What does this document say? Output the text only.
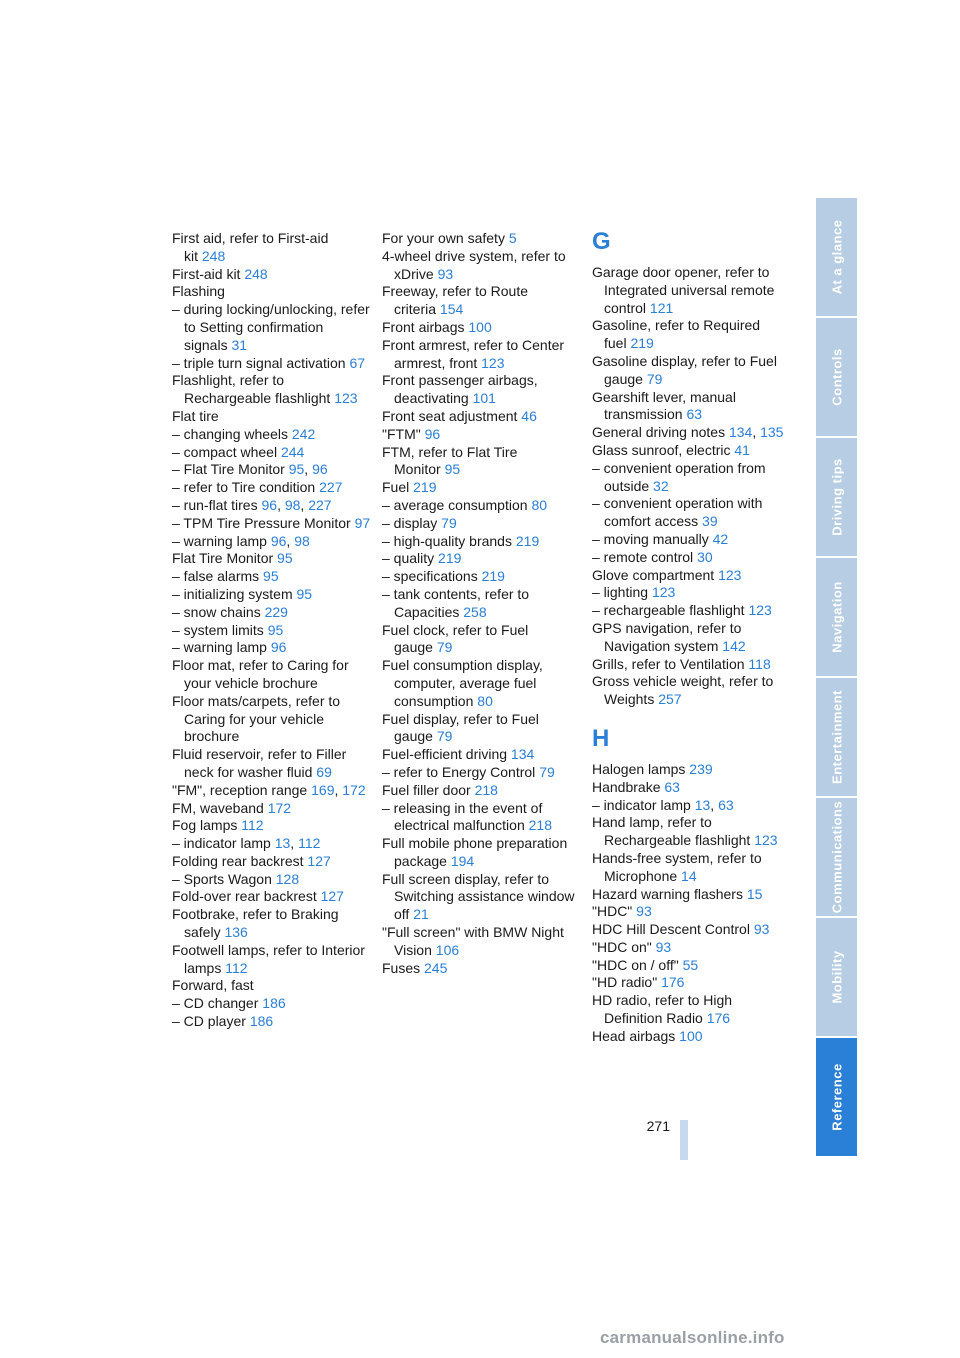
First aid, refer to First-aid kit 248
First-aid kit 248
Flashing
– during locking/unlocking, refer to Setting confirmation signals 31
– triple turn signal activation 67
Flashlight, refer to Rechargeable flashlight 123
Flat tire
– changing wheels 242
– compact wheel 244
– Flat Tire Monitor 95, 96
– refer to Tire condition 227
– run-flat tires 96, 98, 227
– TPM Tire Pressure Monitor 97
– warning lamp 96, 98
Flat Tire Monitor 95
– false alarms 95
– initializing system 95
– snow chains 229
– system limits 95
– warning lamp 96
Floor mat, refer to Caring for your vehicle brochure
Floor mats/carpets, refer to Caring for your vehicle brochure
Fluid reservoir, refer to Filler neck for washer fluid 69
"FM", reception range 169, 172
FM, waveband 172
Fog lamps 112
– indicator lamp 13, 112
Folding rear backrest 127
– Sports Wagon 128
Fold-over rear backrest 127
Footbrake, refer to Braking safely 136
Footwell lamps, refer to Interior lamps 112
Forward, fast
– CD changer 186
– CD player 186
For your own safety 5
4-wheel drive system, refer to xDrive 93
Freeway, refer to Route criteria 154
Front airbags 100
Front armrest, refer to Center armrest, front 123
Front passenger airbags, deactivating 101
Front seat adjustment 46
"FTM" 96
FTM, refer to Flat Tire Monitor 95
Fuel 219
– average consumption 80
– display 79
– high-quality brands 219
– quality 219
– specifications 219
– tank contents, refer to Capacities 258
Fuel clock, refer to Fuel gauge 79
Fuel consumption display, computer, average fuel consumption 80
Fuel display, refer to Fuel gauge 79
Fuel-efficient driving 134
– refer to Energy Control 79
Fuel filler door 218
– releasing in the event of electrical malfunction 218
Full mobile phone preparation package 194
Full screen display, refer to Switching assistance window off 21
"Full screen" with BMW Night Vision 106
Fuses 245
G
Garage door opener, refer to Integrated universal remote control 121
Gasoline, refer to Required fuel 219
Gasoline display, refer to Fuel gauge 79
Gearshift lever, manual transmission 63
General driving notes 134, 135
Glass sunroof, electric 41
– convenient operation from outside 32
– convenient operation with comfort access 39
– moving manually 42
– remote control 30
Glove compartment 123
– lighting 123
– rechargeable flashlight 123
GPS navigation, refer to Navigation system 142
Grills, refer to Ventilation 118
Gross vehicle weight, refer to Weights 257
H
Halogen lamps 239
Handbrake 63
– indicator lamp 13, 63
Hand lamp, refer to Rechargeable flashlight 123
Hands-free system, refer to Microphone 14
Hazard warning flashers 15
"HDC" 93
HDC Hill Descent Control 93
"HDC on" 93
"HDC on / off" 55
"HD radio" 176
HD radio, refer to High Definition Radio 176
Head airbags 100
271
At a glance
Controls
Driving tips
Navigation
Entertainment
Communications
Mobility
Reference
carmanualsonline.info
